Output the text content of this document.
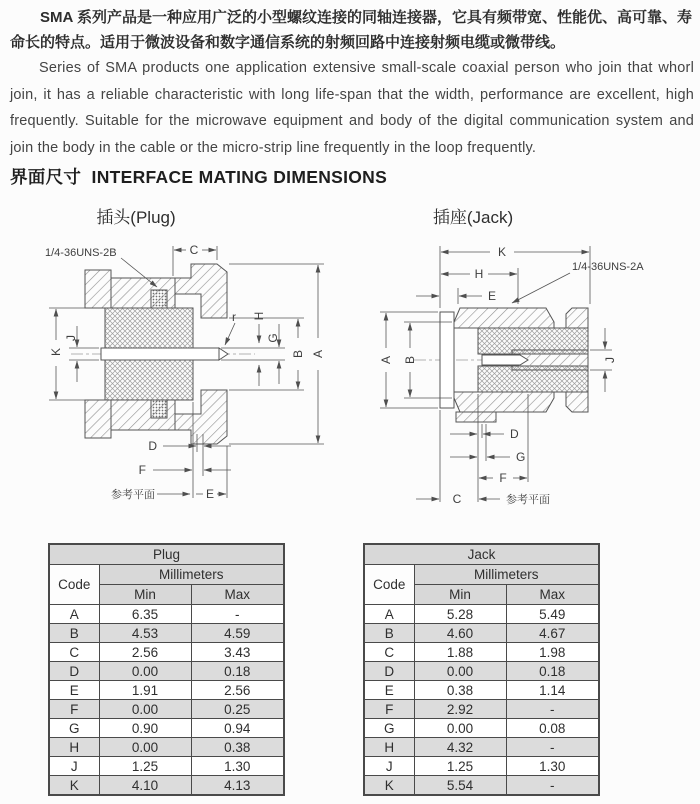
SMA 系列产品是一种应用广泛的小型螺纹连接的同轴连接器，它具有频带宽、性能优、高可靠、寿命长的特点。适用于微波设备和数字通信系统的射频回路中连接射频电缆或微带线。

Series of SMA products one application extensive small-scale coaxial person who join that whorl join, it has a reliable characteristic with long life-span that the width, performance are excellent, high frequently. Suitable for the microwave equipment and body of the digital communication system and join the body in the cable or the micro-strip line frequently in the loop frequently.

界面尺寸 INTERFACE MATING DIMENSIONS
插头(Plug)	插座(Jack)
1/4-36UNS-2B	C
K
J
r H
G
B A
D
F
参考平面	E
1/4-36UNS-2A
K
H
E
A B	J
D
G
F
C	参考平面
Plug		
Code	Millimeters	
	Min	Max
A	6.35	-
B	4.53	4.59
C	2.56	3.43
D	0.00	0.18
E	1.91	2.56
F	0.00	0.25
G	0.90	0.94
H	0.00	0.38
J	1.25	1.30
K	4.10	4.13
Jack		
Code	Millimeters	
	Min	Max
A	5.28	5.49
B	4.60	4.67
C	1.88	1.98
D	0.00	0.18
E	0.38	1.14
F	2.92	-
G	0.00	0.08
H	4.32	-
J	1.25	1.30
K	5.54	-
